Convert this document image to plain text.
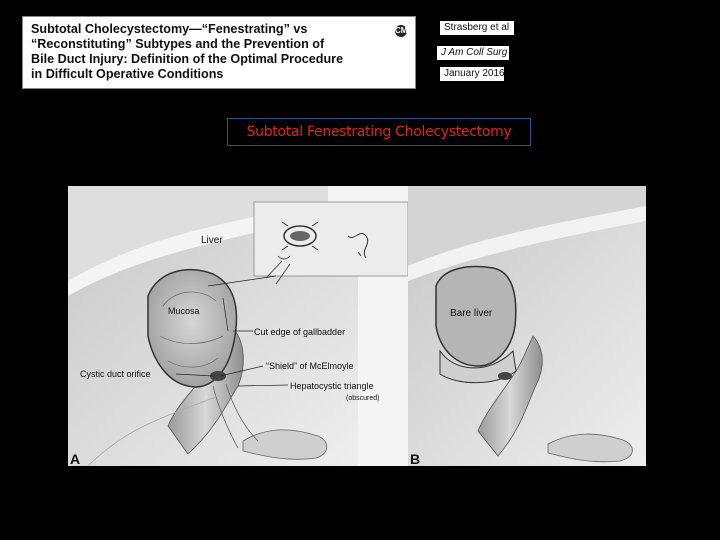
Subtotal Cholecystectomy—“Fenestrating” vs
“Reconstituting” Subtypes and the Prevention of
Bile Duct Injury: Definition of the Optimal Procedure
in Difficult Operative Conditions

CM	Strasberg et al
J Am Coll Surg
January 2016
Subtotal Fenestrating Cholecystectomy
Liver
Mucosa
Cut edge of gallbadder
“Shield” of McElmoyle
Cystic duct orifice
Hepatocystic triangle
(obscured)
A
Bare liver
B
